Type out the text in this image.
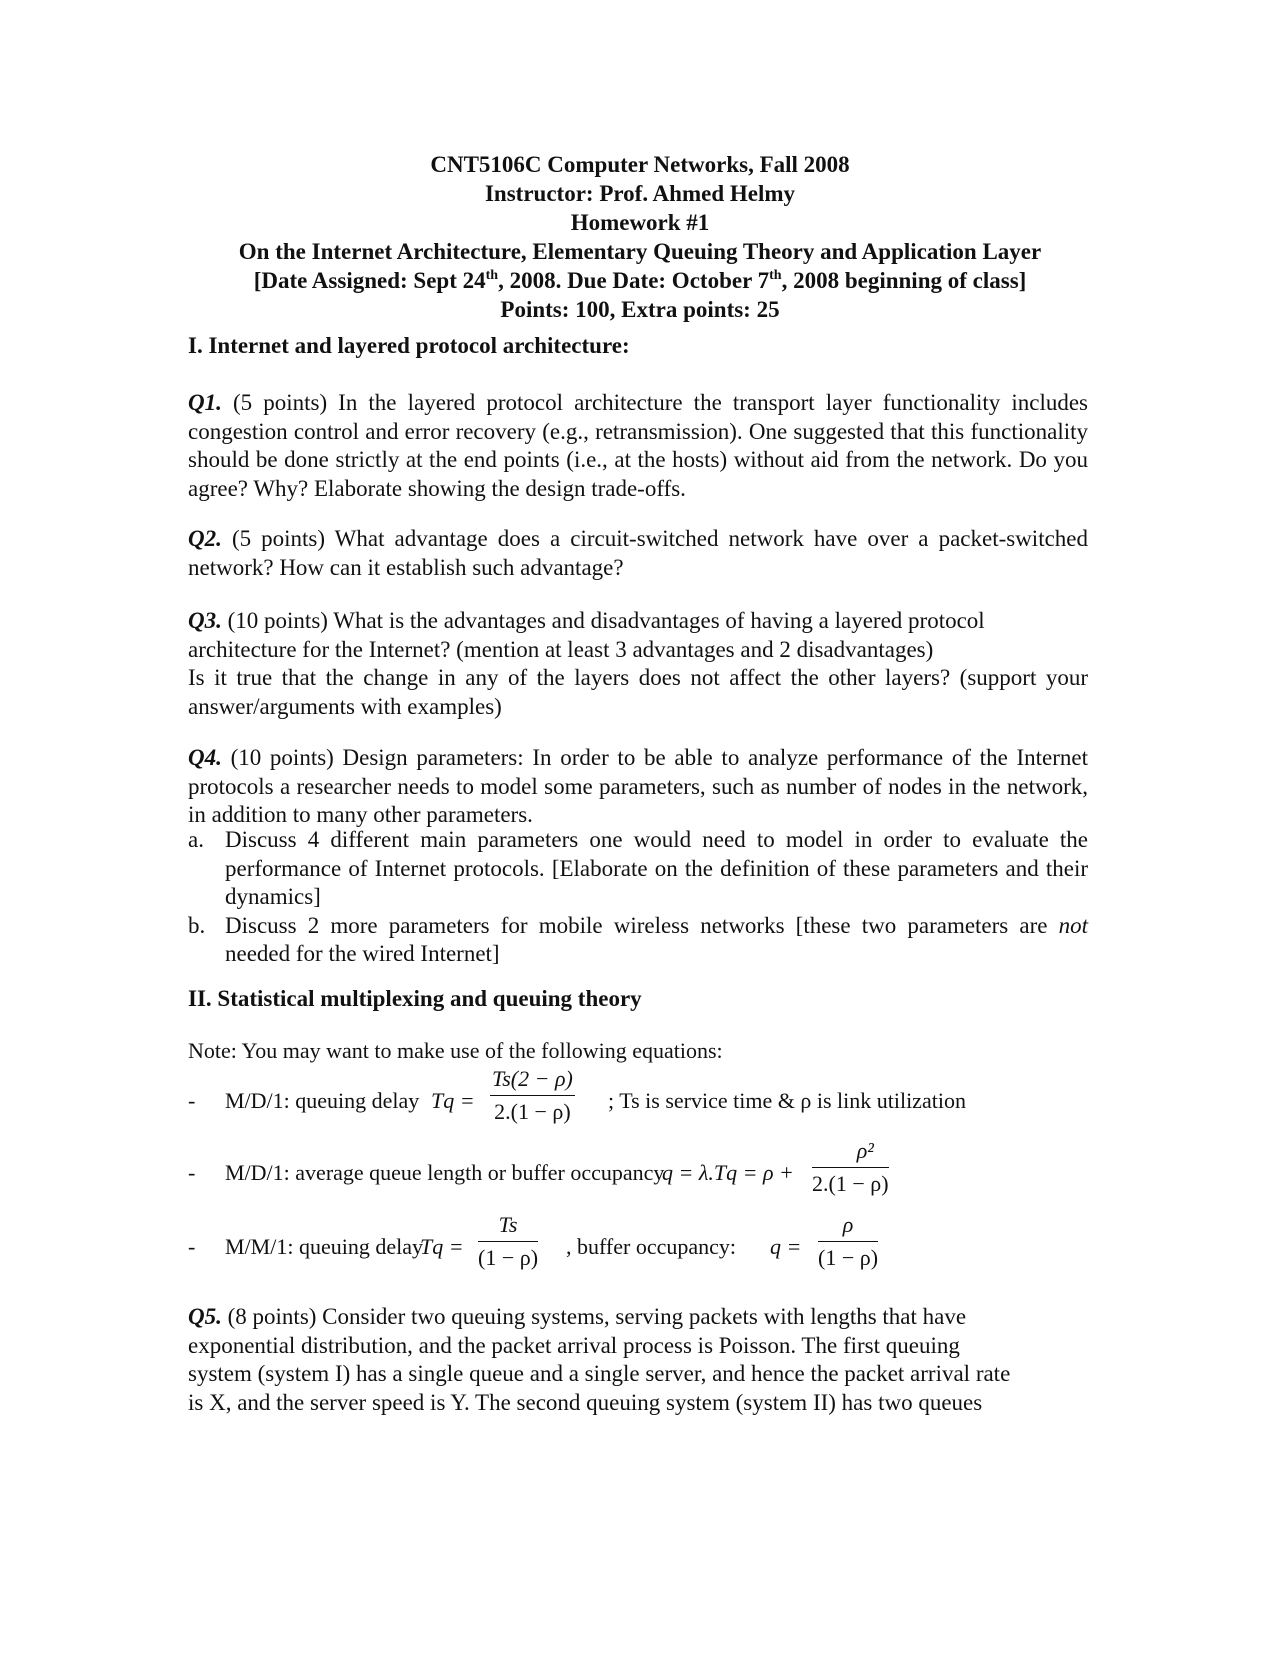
CNT5106C Computer Networks, Fall 2008
Instructor: Prof. Ahmed Helmy
Homework #1
On the Internet Architecture, Elementary Queuing Theory and Application Layer
[Date Assigned: Sept 24th, 2008. Due Date: October 7th, 2008 beginning of class]
Points: 100, Extra points: 25
I. Internet and layered protocol architecture:

Q1. (5 points) In the layered protocol architecture the transport layer functionality includes congestion control and error recovery (e.g., retransmission). One suggested that this functionality should be done strictly at the end points (i.e., at the hosts) without aid from the network. Do you agree? Why? Elaborate showing the design trade-offs.

Q2. (5 points) What advantage does a circuit-switched network have over a packet-switched network? How can it establish such advantage?

Q3. (10 points) What is the advantages and disadvantages of having a layered protocol architecture for the Internet? (mention at least 3 advantages and 2 disadvantages)
Is it true that the change in any of the layers does not affect the other layers? (support your answer/arguments with examples)

Q4. (10 points) Design parameters: In order to be able to analyze performance of the Internet protocols a researcher needs to model some parameters, such as number of nodes in the network, in addition to many other parameters.

a. Discuss 4 different main parameters one would need to model in order to evaluate the performance of Internet protocols. [Elaborate on the definition of these parameters and their dynamics]
b. Discuss 2 more parameters for mobile wireless networks [these two parameters are not needed for the wired Internet]
II. Statistical multiplexing and queuing theory
Note: You may want to make use of the following equations:
- M/D/1: queuing delay $Tq = \frac{Ts(2 - \rho)}{2.(1 - \rho)}$ ; Ts is service time & ρ is link utilization
- M/D/1: average queue length or buffer occupancy
$q = \lambda.Tq = \rho + \frac{\text{ρ²}}{2.(1 - \rho)}$
- M/M/1: queuing delay
$Tq = \frac{Ts}{(1 - \rho)}$ , buffer occupancy: $q = \frac{\rho}{(1 - \rho)}$
Q5. (8 points) Consider two queuing systems, serving packets with lengths that have
exponential distribution, and the packet arrival process is Poisson. The first queuing
system (system I) has a single queue and a single server, and hence the packet arrival rate
is X, and the server speed is Y. The second queuing system (system II) has two queues
